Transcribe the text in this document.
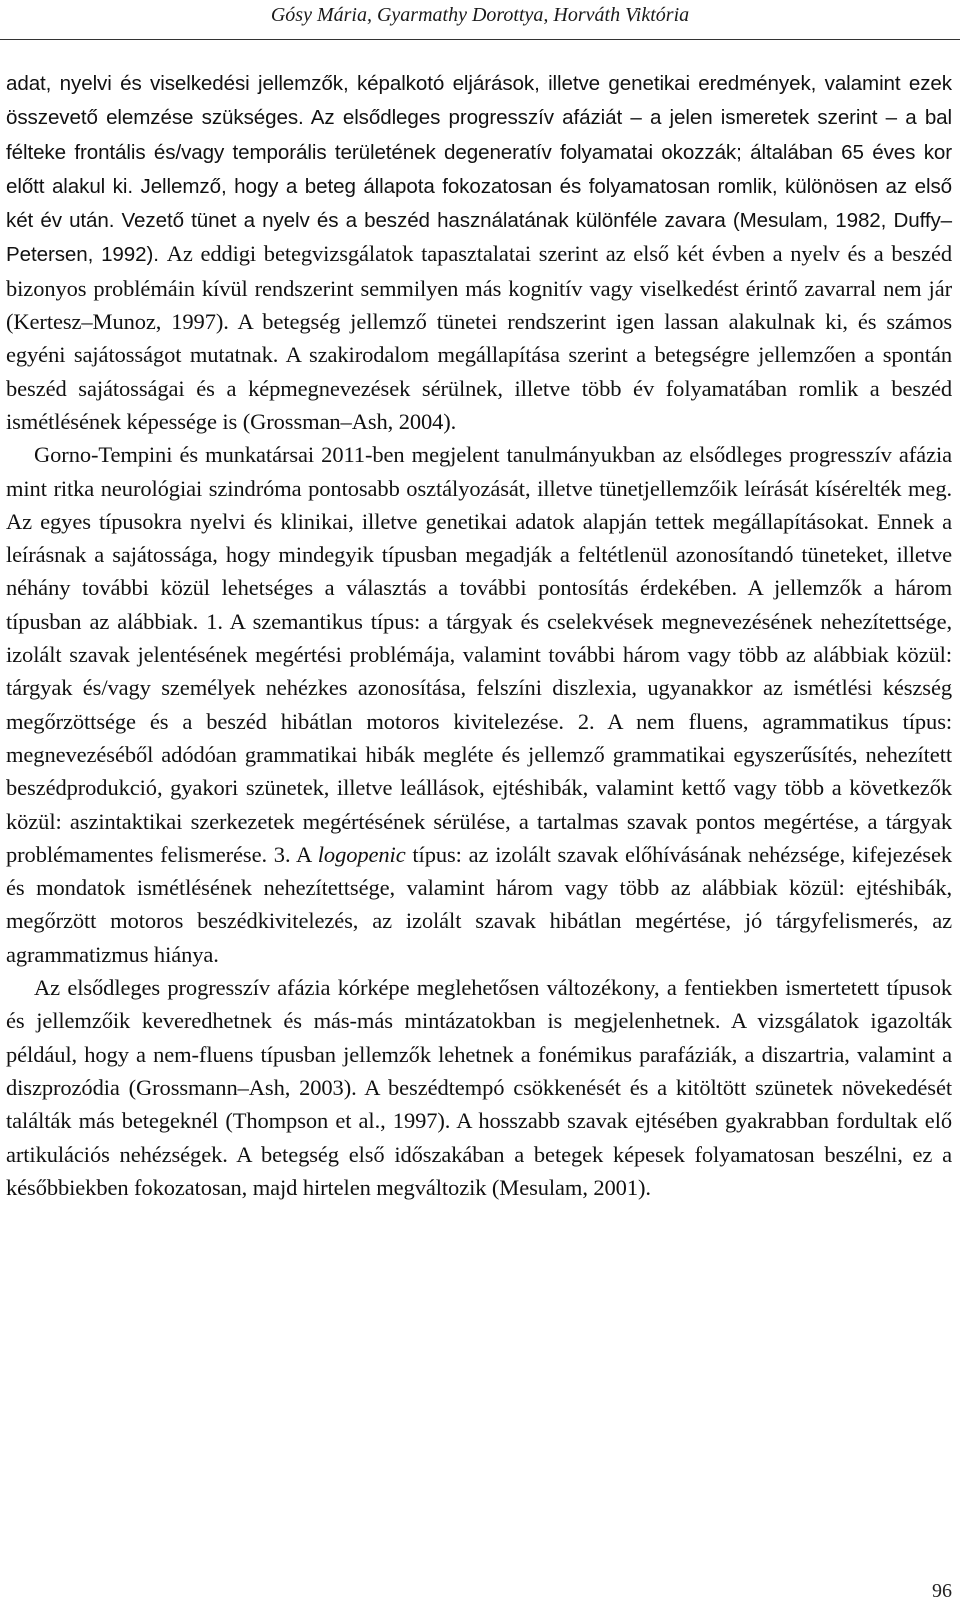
Gósy Mária, Gyarmathy Dorottya, Horváth Viktória

adat, nyelvi és viselkedési jellemzők, képalkotó eljárások, illetve genetikai eredmények, valamint ezek összevető elemzése szükséges. Az elsődleges progresszív afáziát – a jelen ismeretek szerint – a bal félteke frontális és/vagy temporális területének degeneratív folyamatai okozzák; általában 65 éves kor előtt alakul ki. Jellemző, hogy a beteg állapota fokozatosan és folyamatosan romlik, különösen az első két év után. Vezető tünet a nyelv és a beszéd használatának különféle zavara (Mesulam, 1982, Duffy–Petersen, 1992). Az eddigi betegvizsgálatok tapasztalatai szerint az első két évben a nyelv és a beszéd bizonyos problémáin kívül rendszerint semmilyen más kognitív vagy viselkedést érintő zavarral nem jár (Kertesz–Munoz, 1997). A betegség jellemző tünetei rendszerint igen lassan alakulnak ki, és számos egyéni sajátosságot mutatnak. A szakirodalom megállapítása szerint a betegségre jellemzően a spontán beszéd sajátosságai és a képmegnevezések sérülnek, illetve több év folyamatában romlik a beszéd ismétlésének képessége is (Grossman–Ash, 2004).

Gorno-Tempini és munkatársai 2011-ben megjelent tanulmányukban az elsődleges progresszív afázia mint ritka neurológiai szindróma pontosabb osztályozását, illetve tünetjellemzőik leírását kísérelték meg. Az egyes típusokra nyelvi és klinikai, illetve genetikai adatok alapján tettek megállapításokat. Ennek a leírásnak a sajátossága, hogy mindegyik típusban megadják a feltétlenül azonosítandó tüneteket, illetve néhány további közül lehetséges a választás a további pontosítás érdekében. A jellemzők a három típusban az alábbiak. 1. A szemantikus típus: a tárgyak és cselekvések megnevezésének nehezítettsége, izolált szavak jelentésének megértési problémája, valamint további három vagy több az alábbiak közül: tárgyak és/vagy személyek nehézkes azonosítása, felszíni diszlexia, ugyanakkor az ismétlési készség megőrzöttsége és a beszéd hibátlan motoros kivitelezése. 2. A nem fluens, agrammatikus típus: megnevezéséből adódóan grammatikai hibák megléte és jellemző grammatikai egyszerűsítés, nehezített beszédprodukció, gyakori szünetek, illetve leállások, ejtéshibák, valamint kettő vagy több a következők közül: aszintaktikai szerkezetek megértésének sérülése, a tartalmas szavak pontos megértése, a tárgyak problémamentes felismerése. 3. A logopenic típus: az izolált szavak előhívásának nehézsége, kifejezések és mondatok ismétlésének nehezítettsége, valamint három vagy több az alábbiak közül: ejtéshibák, megőrzött motoros beszédkivitelezés, az izolált szavak hibátlan megértése, jó tárgyfelismerés, az agrammatizmus hiánya.

Az elsődleges progresszív afázia kórképe meglehetősen változékony, a fentiekben ismertetett típusok és jellemzőik keveredhetnek és más-más mintázatokban is megjelenhetnek. A vizsgálatok igazolták például, hogy a nem-fluens típusban jellemzők lehetnek a fonémikus parafáziák, a diszartria, valamint a diszprozódia (Grossmann–Ash, 2003). A beszédtempó csökkenését és a kitöltött szünetek növekedését találták más betegeknél (Thompson et al., 1997). A hosszabb szavak ejtésében gyakrabban fordultak elő artikulációs nehézségek. A betegség első időszakában a betegek képesek folyamatosan beszélni, ez a későbbiekben fokozatosan, majd hirtelen megváltozik (Mesulam, 2001).

96
